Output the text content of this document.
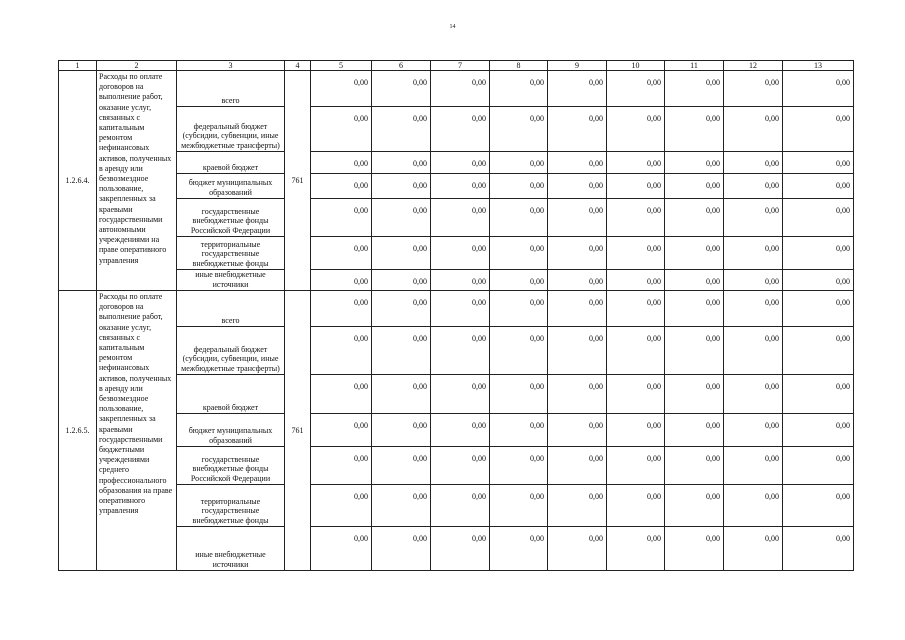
14
1	2	3	4	5	6	7	8	9	10	11	12	13
1.2.6.4.	Расходы по оплате договоров на выполнение работ, оказание услуг, связанных с капитальным ремонтом нефинансовых активов, полученных в аренду или безвозмездное пользование, закрепленных за краевыми государственными автономными учреждениями на праве оперативного управления	всего	761	0,00	0,00	0,00	0,00	0,00	0,00	0,00	0,00	0,00
		федеральный бюджет (субсидии, субвенции, иные межбюджетные трансферты)		0,00	0,00	0,00	0,00	0,00	0,00	0,00	0,00	0,00
		краевой бюджет		0,00	0,00	0,00	0,00	0,00	0,00	0,00	0,00	0,00
		бюджет муниципальных образований		0,00	0,00	0,00	0,00	0,00	0,00	0,00	0,00	0,00
		государственные внебюджетные фонды Российской Федерации		0,00	0,00	0,00	0,00	0,00	0,00	0,00	0,00	0,00
		территориальные государственные внебюджетные фонды		0,00	0,00	0,00	0,00	0,00	0,00	0,00	0,00	0,00
		иные внебюджетные источники		0,00	0,00	0,00	0,00	0,00	0,00	0,00	0,00	0,00
1.2.6.5.	Расходы по оплате договоров на выполнение работ, оказание услуг, связанных с капитальным ремонтом нефинансовых активов, полученных в аренду или безвозмездное пользование, закрепленных за краевыми государственными бюджетными учреждениями среднего профессионального образования на праве оперативного управления	всего	761	0,00	0,00	0,00	0,00	0,00	0,00	0,00	0,00	0,00
		федеральный бюджет (субсидии, субвенции, иные межбюджетные трансферты)		0,00	0,00	0,00	0,00	0,00	0,00	0,00	0,00	0,00
		краевой бюджет		0,00	0,00	0,00	0,00	0,00	0,00	0,00	0,00	0,00
		бюджет муниципальных образований		0,00	0,00	0,00	0,00	0,00	0,00	0,00	0,00	0,00
		государственные внебюджетные фонды Российской Федерации		0,00	0,00	0,00	0,00	0,00	0,00	0,00	0,00	0,00
		территориальные государственные внебюджетные фонды		0,00	0,00	0,00	0,00	0,00	0,00	0,00	0,00	0,00
		иные внебюджетные источники		0,00	0,00	0,00	0,00	0,00	0,00	0,00	0,00	0,00
